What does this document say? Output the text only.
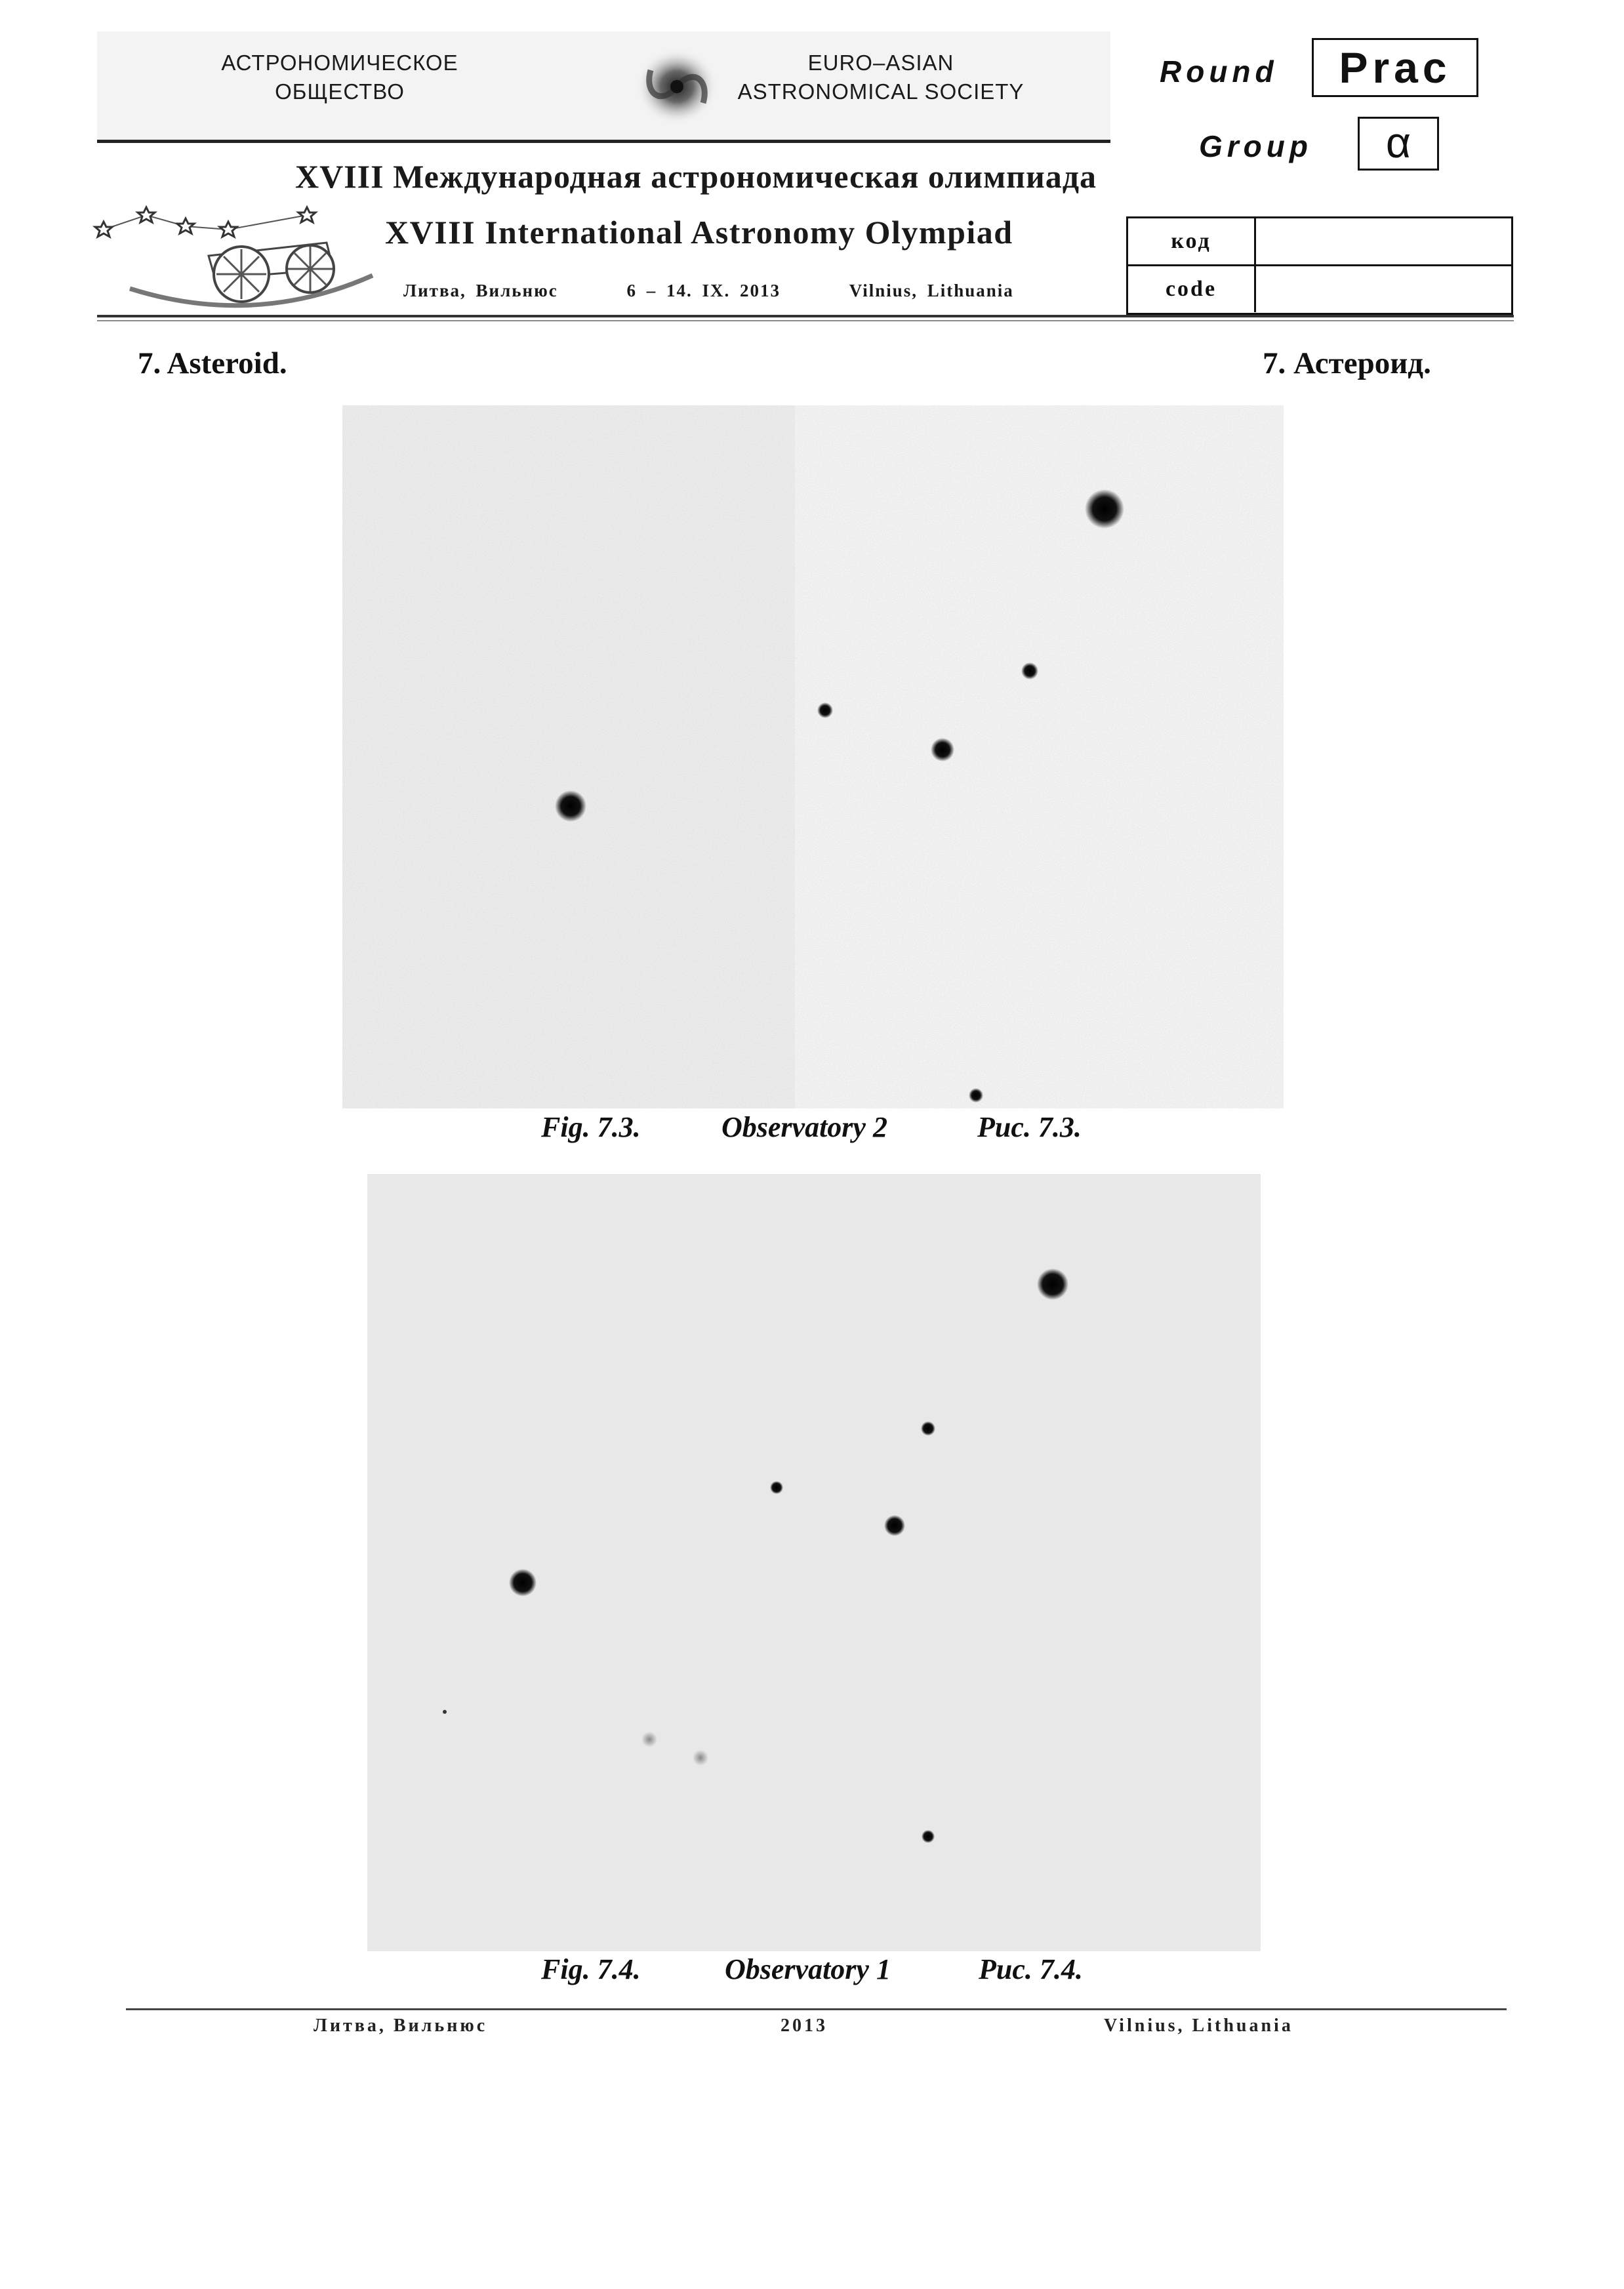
АСТРОНОМИЧЕСКОЕ
ОБЩЕСТВО
EURO–ASIAN
ASTRONOMICAL SOCIETY
XVIII Международная астрономическая олимпиада
XVIII International Astronomy Olympiad
Литва, Вильнюс	6 – 14. IX. 2013	Vilnius, Lithuania
Round	Prac
Group	α
код
code
7. Asteroid.	7. Астероид.
Fig. 7.3.	Observatory 2	Рис. 7.3.
Fig. 7.4.	Observatory 1	Рис. 7.4.
Литва, Вильнюс	2013	Vilnius, Lithuania
